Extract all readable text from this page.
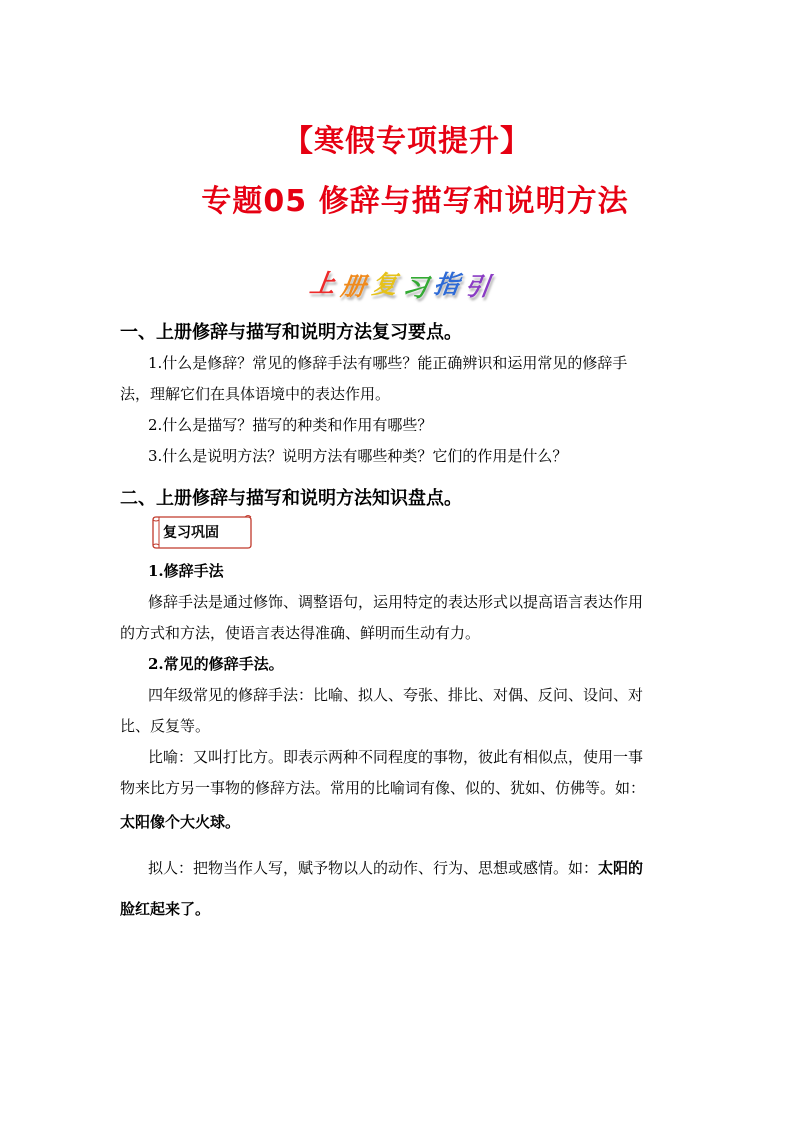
【寒假专项提升】
专题05 修辞与描写和说明方法
上 册 复 习 指 引
一、上册修辞与描写和说明方法复习要点。
1.什么是修辞？常见的修辞手法有哪些？能正确辨识和运用常见的修辞手
法，理解它们在具体语境中的表达作用。
2.什么是描写？描写的种类和作用有哪些？
3.什么是说明方法？说明方法有哪些种类？它们的作用是什么？
二、上册修辞与描写和说明方法知识盘点。
复习巩固
1.修辞手法
修辞手法是通过修饰、调整语句，运用特定的表达形式以提高语言表达作用
的方式和方法，使语言表达得准确、鲜明而生动有力。
2.常见的修辞手法。
四年级常见的修辞手法：比喻、拟人、夸张、排比、对偶、反问、设问、对
比、反复等。
比喻：又叫打比方。即表示两种不同程度的事物，彼此有相似点，使用一事
物来比方另一事物的修辞方法。常用的比喻词有像、似的、犹如、仿佛等。如：
太阳像个大火球。
拟人：把物当作人写，赋予物以人的动作、行为、思想或感情。如：太阳的
脸红起来了。
